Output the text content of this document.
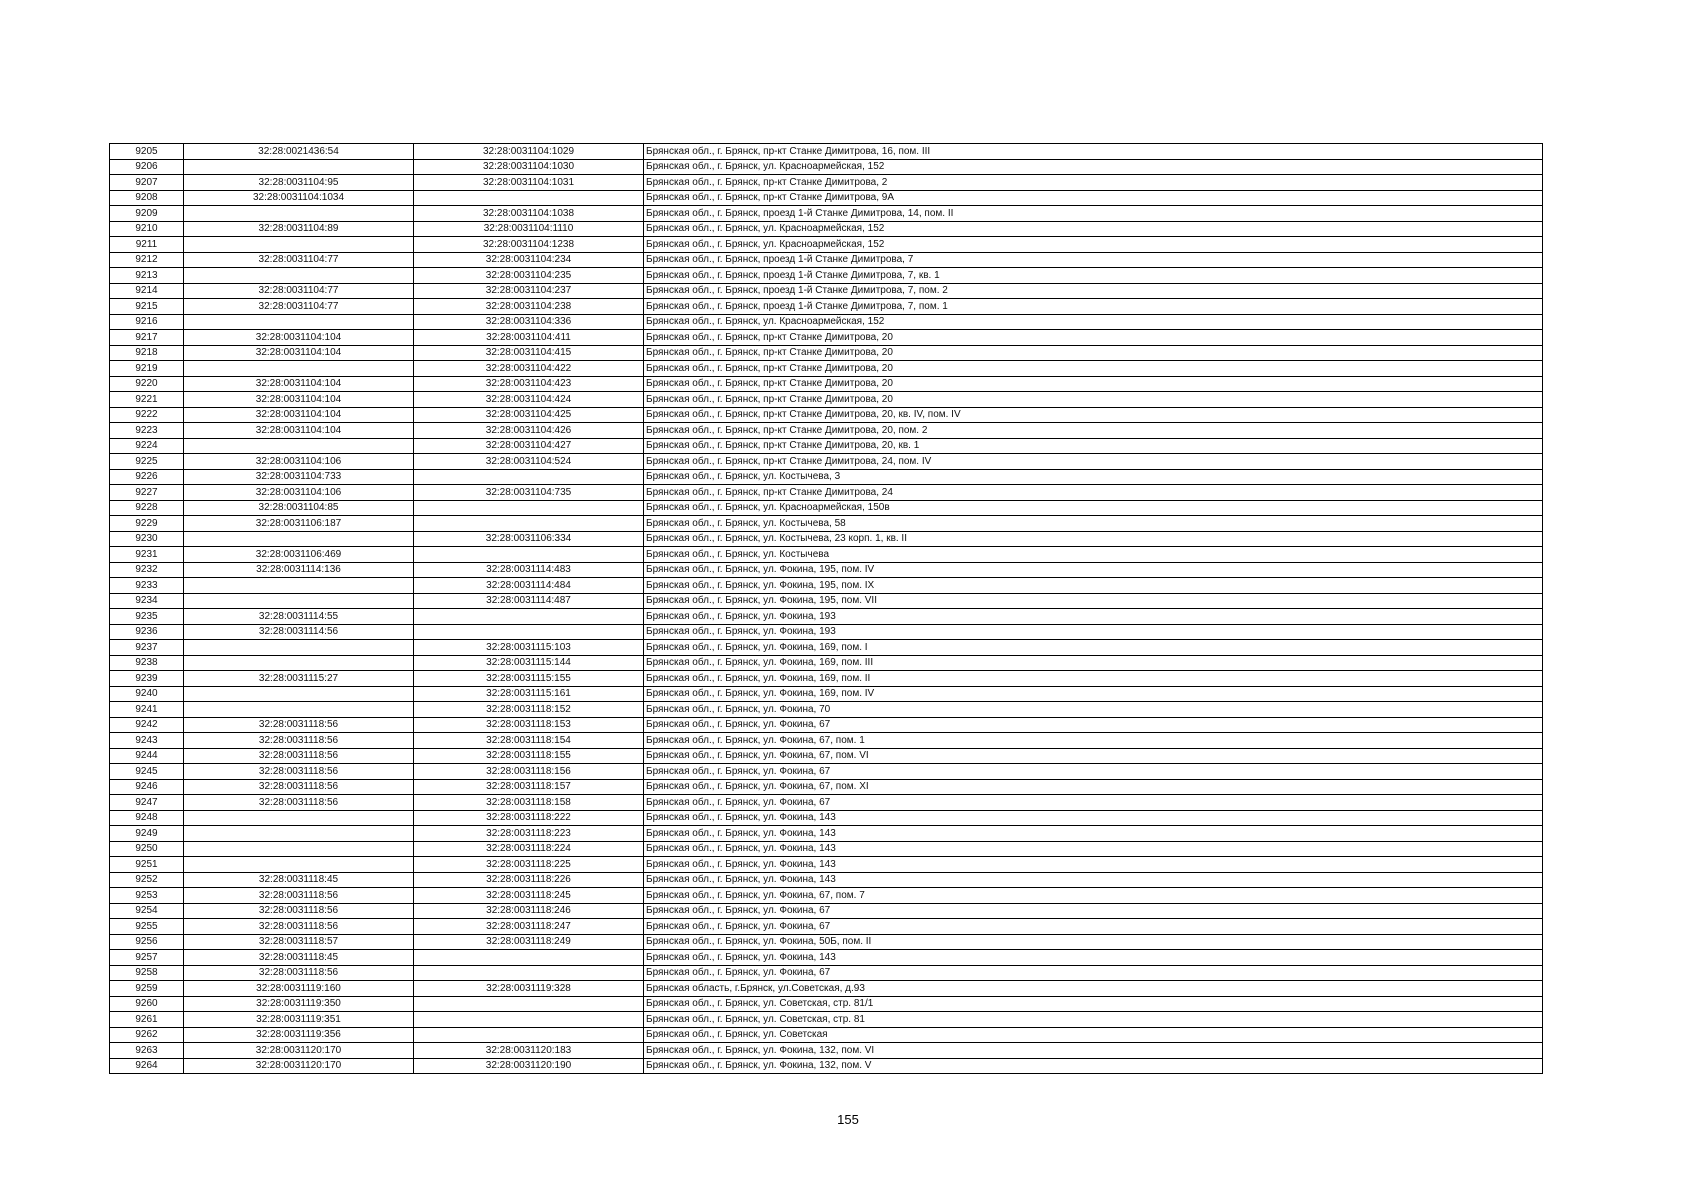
9205	32:28:0021436:54	32:28:0031104:1029	Брянская обл., г. Брянск, пр-кт Станке Димитрова, 16, пом. III
9206		32:28:0031104:1030	Брянская обл., г. Брянск, ул. Красноармейская, 152
9207	32:28:0031104:95	32:28:0031104:1031	Брянская обл., г. Брянск, пр-кт Станке Димитрова, 2
9208	32:28:0031104:1034		Брянская обл., г. Брянск, пр-кт Станке Димитрова, 9А
9209		32:28:0031104:1038	Брянская обл., г. Брянск, проезд 1-й Станке Димитрова, 14, пом. II
9210	32:28:0031104:89	32:28:0031104:1110	Брянская обл., г. Брянск, ул. Красноармейская, 152
9211		32:28:0031104:1238	Брянская обл., г. Брянск, ул. Красноармейская, 152
9212	32:28:0031104:77	32:28:0031104:234	Брянская обл., г. Брянск, проезд 1-й Станке Димитрова, 7
9213		32:28:0031104:235	Брянская обл., г. Брянск, проезд 1-й Станке Димитрова, 7, кв. 1
9214	32:28:0031104:77	32:28:0031104:237	Брянская обл., г. Брянск, проезд 1-й Станке Димитрова, 7, пом. 2
9215	32:28:0031104:77	32:28:0031104:238	Брянская обл., г. Брянск, проезд 1-й Станке Димитрова, 7, пом. 1
9216		32:28:0031104:336	Брянская обл., г. Брянск, ул. Красноармейская, 152
9217	32:28:0031104:104	32:28:0031104:411	Брянская обл., г. Брянск, пр-кт Станке Димитрова, 20
9218	32:28:0031104:104	32:28:0031104:415	Брянская обл., г. Брянск, пр-кт Станке Димитрова, 20
9219		32:28:0031104:422	Брянская обл., г. Брянск, пр-кт Станке Димитрова, 20
9220	32:28:0031104:104	32:28:0031104:423	Брянская обл., г. Брянск, пр-кт Станке Димитрова, 20
9221	32:28:0031104:104	32:28:0031104:424	Брянская обл., г. Брянск, пр-кт Станке Димитрова, 20
9222	32:28:0031104:104	32:28:0031104:425	Брянская обл., г. Брянск, пр-кт Станке Димитрова, 20, кв. IV, пом. IV
9223	32:28:0031104:104	32:28:0031104:426	Брянская обл., г. Брянск, пр-кт Станке Димитрова, 20, пом. 2
9224		32:28:0031104:427	Брянская обл., г. Брянск, пр-кт Станке Димитрова, 20, кв. 1
9225	32:28:0031104:106	32:28:0031104:524	Брянская обл., г. Брянск, пр-кт Станке Димитрова, 24, пом. IV
9226	32:28:0031104:733		Брянская обл., г. Брянск, ул. Костычева, 3
9227	32:28:0031104:106	32:28:0031104:735	Брянская обл., г. Брянск, пр-кт Станке Димитрова, 24
9228	32:28:0031104:85		Брянская обл., г. Брянск, ул. Красноармейская, 150в
9229	32:28:0031106:187		Брянская обл., г. Брянск, ул. Костычева, 58
9230		32:28:0031106:334	Брянская обл., г. Брянск, ул. Костычева, 23 корп. 1, кв. II
9231	32:28:0031106:469		Брянская обл., г. Брянск, ул. Костычева
9232	32:28:0031114:136	32:28:0031114:483	Брянская обл., г. Брянск, ул. Фокина, 195, пом. IV
9233		32:28:0031114:484	Брянская обл., г. Брянск, ул. Фокина, 195, пом. IX
9234		32:28:0031114:487	Брянская обл., г. Брянск, ул. Фокина, 195, пом. VII
9235	32:28:0031114:55		Брянская обл., г. Брянск, ул. Фокина, 193
9236	32:28:0031114:56		Брянская обл., г. Брянск, ул. Фокина, 193
9237		32:28:0031115:103	Брянская обл., г. Брянск, ул. Фокина, 169, пом. I
9238		32:28:0031115:144	Брянская обл., г. Брянск, ул. Фокина, 169, пом. III
9239	32:28:0031115:27	32:28:0031115:155	Брянская обл., г. Брянск, ул. Фокина, 169, пом. II
9240		32:28:0031115:161	Брянская обл., г. Брянск, ул. Фокина, 169, пом. IV
9241		32:28:0031118:152	Брянская обл., г. Брянск, ул. Фокина, 70
9242	32:28:0031118:56	32:28:0031118:153	Брянская обл., г. Брянск, ул. Фокина, 67
9243	32:28:0031118:56	32:28:0031118:154	Брянская обл., г. Брянск, ул. Фокина, 67, пом. 1
9244	32:28:0031118:56	32:28:0031118:155	Брянская обл., г. Брянск, ул. Фокина, 67, пом. VI
9245	32:28:0031118:56	32:28:0031118:156	Брянская обл., г. Брянск, ул. Фокина, 67
9246	32:28:0031118:56	32:28:0031118:157	Брянская обл., г. Брянск, ул. Фокина, 67, пом. XI
9247	32:28:0031118:56	32:28:0031118:158	Брянская обл., г. Брянск, ул. Фокина, 67
9248		32:28:0031118:222	Брянская обл., г. Брянск, ул. Фокина, 143
9249		32:28:0031118:223	Брянская обл., г. Брянск, ул. Фокина, 143
9250		32:28:0031118:224	Брянская обл., г. Брянск, ул. Фокина, 143
9251		32:28:0031118:225	Брянская обл., г. Брянск, ул. Фокина, 143
9252	32:28:0031118:45	32:28:0031118:226	Брянская обл., г. Брянск, ул. Фокина, 143
9253	32:28:0031118:56	32:28:0031118:245	Брянская обл., г. Брянск, ул. Фокина, 67, пом. 7
9254	32:28:0031118:56	32:28:0031118:246	Брянская обл., г. Брянск, ул. Фокина, 67
9255	32:28:0031118:56	32:28:0031118:247	Брянская обл., г. Брянск, ул. Фокина, 67
9256	32:28:0031118:57	32:28:0031118:249	Брянская обл., г. Брянск, ул. Фокина, 50Б, пом. II
9257	32:28:0031118:45		Брянская обл., г. Брянск, ул. Фокина, 143
9258	32:28:0031118:56		Брянская обл., г. Брянск, ул. Фокина, 67
9259	32:28:0031119:160	32:28:0031119:328	Брянская область, г.Брянск, ул.Советская, д.93
9260	32:28:0031119:350		Брянская обл., г. Брянск, ул. Советская, стр. 81/1
9261	32:28:0031119:351		Брянская обл., г. Брянск, ул. Советская, стр. 81
9262	32:28:0031119:356		Брянская обл., г. Брянск, ул. Советская
9263	32:28:0031120:170	32:28:0031120:183	Брянская обл., г. Брянск, ул. Фокина, 132, пом. VI
9264	32:28:0031120:170	32:28:0031120:190	Брянская обл., г. Брянск, ул. Фокина, 132, пом. V
155
